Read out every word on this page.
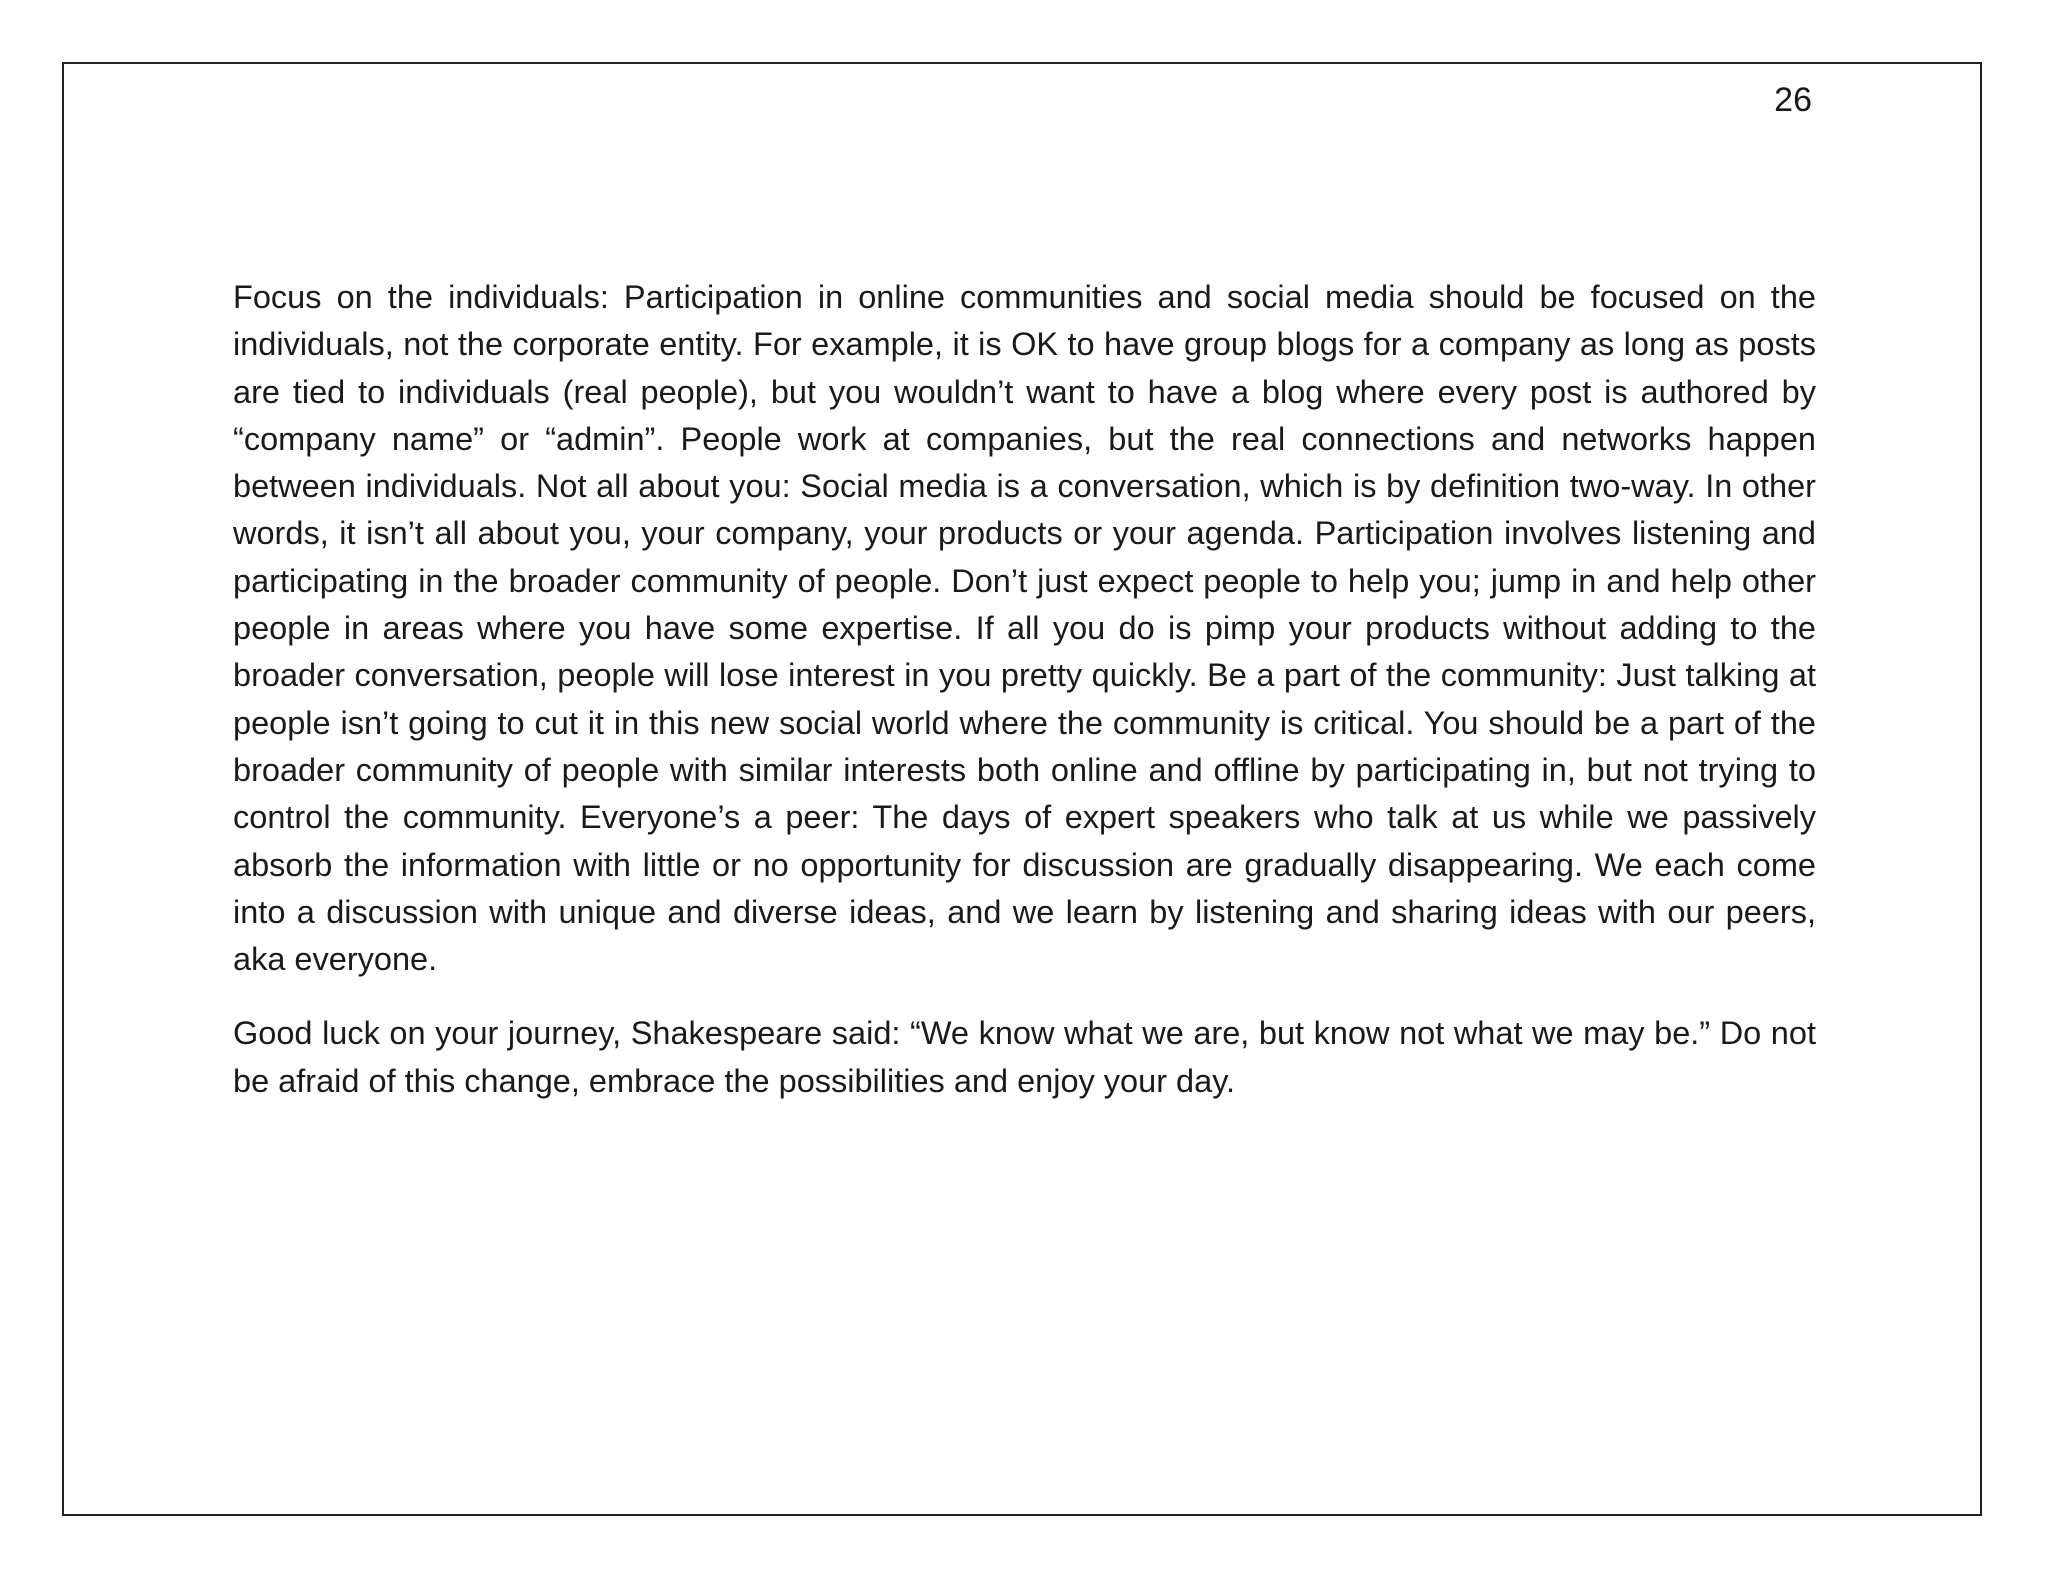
26

Focus on the individuals: Participation in online communities and social media should be focused on the individuals, not the corporate entity. For example, it is OK to have group blogs for a company as long as posts are tied to individuals (real people), but you wouldn’t want to have a blog where every post is authored by “company name” or “admin”. People work at companies, but the real connections and networks happen between individuals. Not all about you: Social media is a conversation, which is by definition two-way. In other words, it isn’t all about you, your company, your products or your agenda. Participation involves listening and participating in the broader community of people. Don’t just expect people to help you; jump in and help other people in areas where you have some expertise. If all you do is pimp your products without adding to the broader conversation, people will lose interest in you pretty quickly. Be a part of the community: Just talking at people isn’t going to cut it in this new social world where the community is critical. You should be a part of the broader community of people with similar interests both online and offline by participating in, but not trying to control the community. Everyone’s a peer: The days of expert speakers who talk at us while we passively absorb the information with little or no opportunity for discussion are gradually disappearing. We each come into a discussion with unique and diverse ideas, and we learn by listening and sharing ideas with our peers, aka everyone.

Good luck on your journey, Shakespeare said: “We know what we are, but know not what we may be.” Do not be afraid of this change, embrace the possibilities and enjoy your day.
